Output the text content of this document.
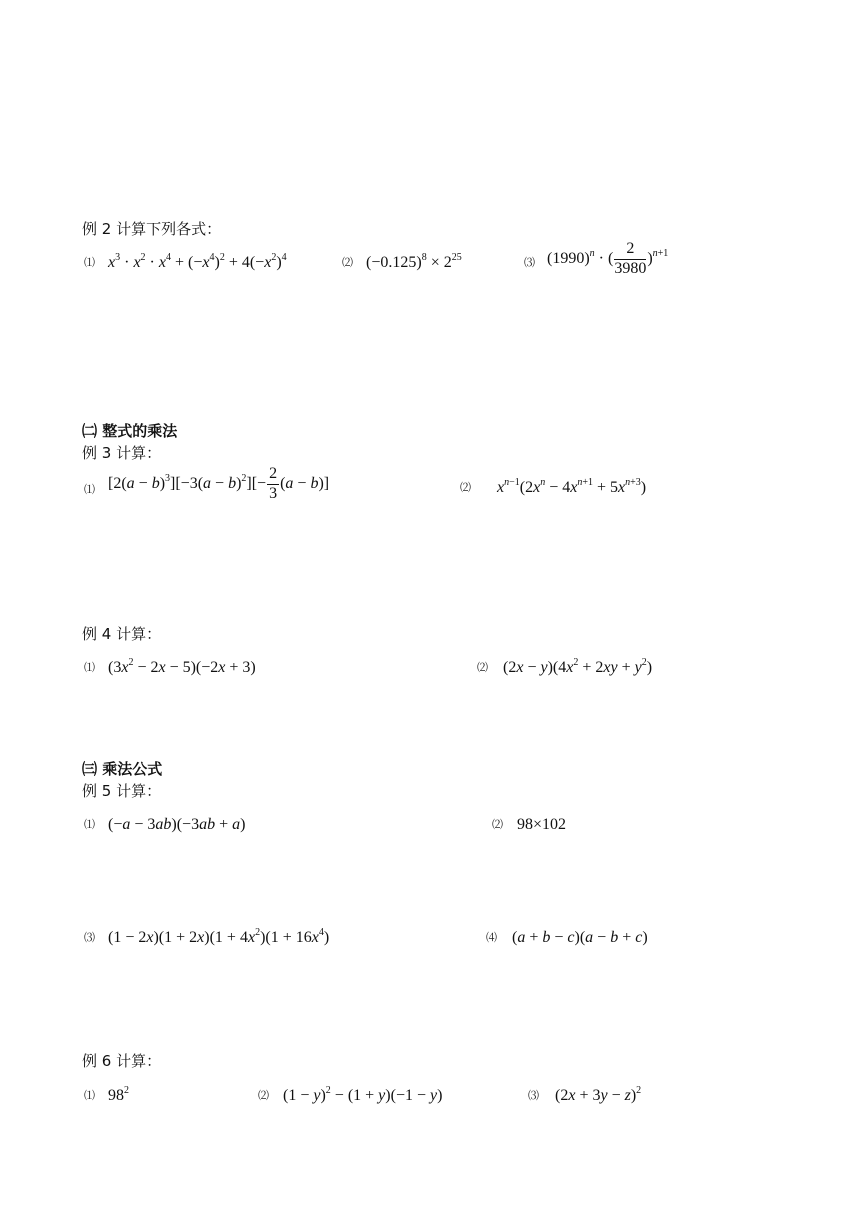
例 2 计算下列各式：
⑴ $x^3 \cdot x^2 \cdot x^4 + (-x^4)^2 + 4(-x^2)^4$	⑵ $(-0.125)^8 \times 2^{25}$	⑶ $(1990)^n$ · ( $\frac{2}{3980} )^{n+1}$
㈡ 整式的乘法
例 3 计算：
⑴ $[2(a - b)^3][-3(a - b)^2][- \frac{2}{3} (a - b)]$	⑵ $x^{n-1}(2x^n - 4x^{n+1} + 5x^{n+3})$
例 4 计算：
⑴ $(3x^2 - 2x - 5)(-2x + 3)$	⑵ $(2x - y)(4x^2 + 2xy + y^2)$
㈢ 乘法公式
例 5 计算：
⑴ (−a − 3ab)(−3ab + a)	⑵ 98×102
⑶ $(1 - 2x)(1 + 2x)(1 + 4x^2)(1 + 16x^4)$	⑷ (a + b − c)(a − b + c)
例 6 计算：
⑴ $98^2$	⑵ $(1 - y)^2 - (1 + y)(-1 - y)$	⑶ $(2x + 3y - z)^2$
